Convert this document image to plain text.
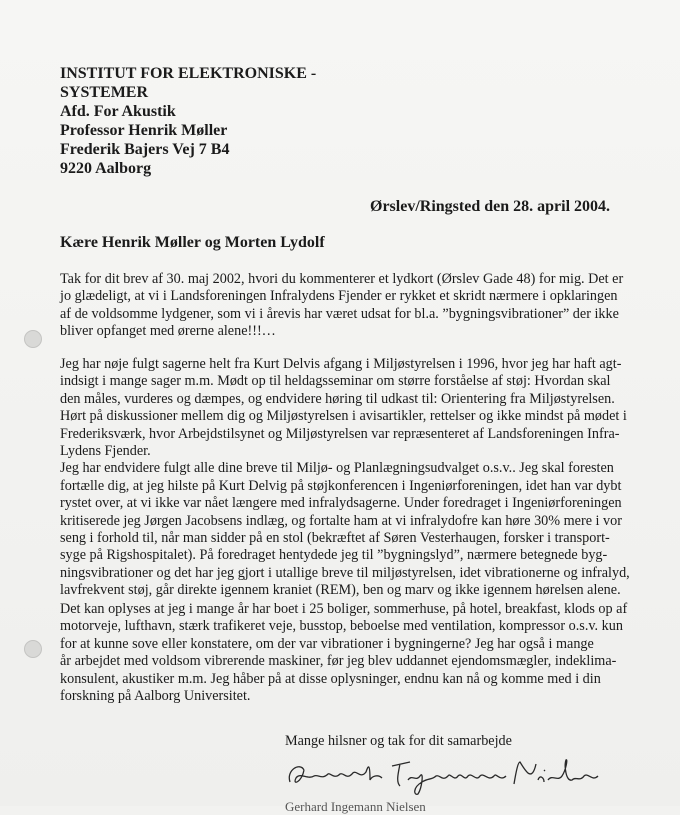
INSTITUT FOR ELEKTRONISKE -
SYSTEMER
Afd. For Akustik
Professor Henrik Møller
Frederik Bajers Vej 7 B4
9220 Aalborg
Ørslev/Ringsted den 28. april 2004.
Kære Henrik Møller og Morten Lydolf
Tak for dit brev af 30. maj 2002, hvori du kommenterer et lydkort (Ørslev Gade 48) for mig. Det er
jo glædeligt, at vi i Landsforeningen Infralydens Fjender er rykket et skridt nærmere i opklaringen
af de voldsomme lydgener, som vi i årevis har været udsat for bl.a. ”bygningsvibrationer” der ikke
bliver opfanget med ørerne alene!!!…
Jeg har nøje fulgt sagerne helt fra Kurt Delvis afgang i Miljøstyrelsen i 1996, hvor jeg har haft agt-
indsigt i mange sager m.m. Mødt op til heldagsseminar om større forståelse af støj: Hvordan skal
den måles, vurderes og dæmpes, og endvidere høring til udkast til: Orientering fra Miljøstyrelsen.
Hørt på diskussioner mellem dig og Miljøstyrelsen i avisartikler, rettelser og ikke mindst på mødet i
Frederiksværk, hvor Arbejdstilsynet og Miljøstyrelsen var repræsenteret af Landsforeningen Infra-
Lydens Fjender.
Jeg har endvidere fulgt alle dine breve til Miljø- og Planlægningsudvalget o.s.v.. Jeg skal foresten
fortælle dig, at jeg hilste på Kurt Delvig på støjkonferencen i Ingeniørforeningen, idet han var dybt
rystet over, at vi ikke var nået længere med infralydsagerne. Under foredraget i Ingeniørforeningen
kritiserede jeg Jørgen Jacobsens indlæg, og fortalte ham at vi infralydofre kan høre 30% mere i vor
seng i forhold til, når man sidder på en stol (bekræftet af Søren Vesterhaugen, forsker i transport-
syge på Rigshospitalet). På foredraget hentydede jeg til ”bygningslyd”, nærmere betegnede byg-
ningsvibrationer og det har jeg gjort i utallige breve til miljøstyrelsen, idet vibrationerne og infralyd,
lavfrekvent støj, går direkte igennem kraniet (REM), ben og marv og ikke igennem hørelsen alene.
Det kan oplyses at jeg i mange år har boet i 25 boliger, sommerhuse, på hotel, breakfast, klods op af
motorveje, lufthavn, stærk trafikeret veje, busstop, beboelse med ventilation, kompressor o.s.v. kun
for at kunne sove eller konstatere, om der var vibrationer i bygningerne? Jeg har også i mange
år arbejdet med voldsom vibrerende maskiner, før jeg blev uddannet ejendomsmægler, indeklima-
konsulent, akustiker m.m. Jeg håber på at disse oplysninger, endnu kan nå og komme med i din
forskning på Aalborg Universitet.
Mange hilsner og tak for dit samarbejde
Gerhard Ingemann Nielsen
